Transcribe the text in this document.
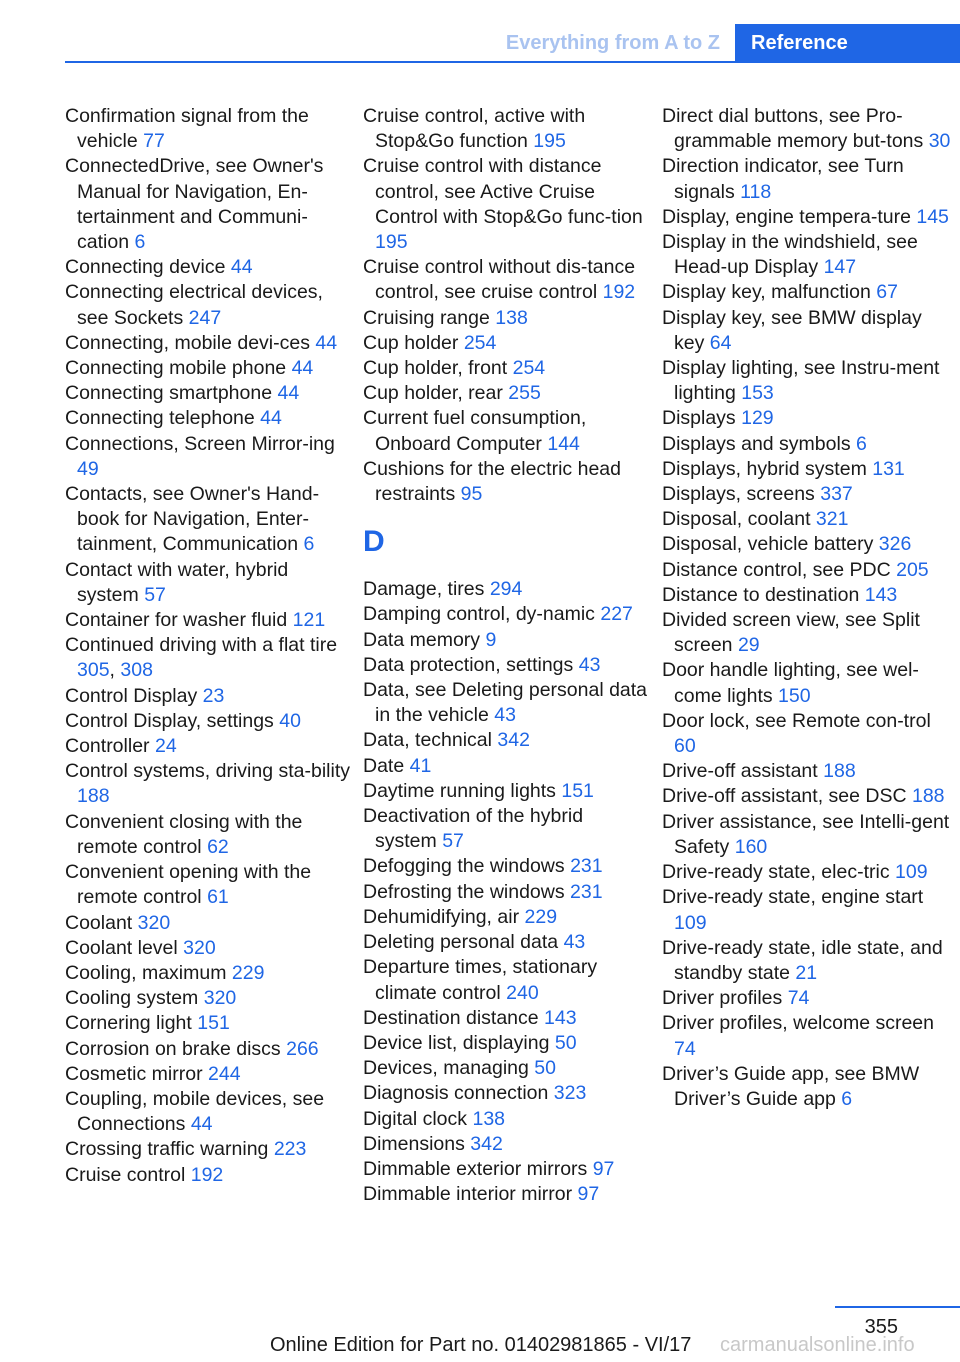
Everything from A to Z	Reference
Confirmation signal from the vehicle 77
ConnectedDrive, see Owner's Manual for Navigation, En-tertainment and Communi-cation 6
Connecting device 44
Connecting electrical devices, see Sockets 247
Connecting, mobile devi-ces 44
Connecting mobile phone 44
Connecting smartphone 44
Connecting telephone 44
Connections, Screen Mirror-ing 49
Contacts, see Owner's Hand-book for Navigation, Enter-tainment, Communication 6
Contact with water, hybrid system 57
Container for washer fluid 121
Continued driving with a flat tire 305, 308
Control Display 23
Control Display, settings 40
Controller 24
Control systems, driving sta-bility 188
Convenient closing with the remote control 62
Convenient opening with the remote control 61
Coolant 320
Coolant level 320
Cooling, maximum 229
Cooling system 320
Cornering light 151
Corrosion on brake discs 266
Cosmetic mirror 244
Coupling, mobile devices, see Connections 44
Crossing traffic warning 223
Cruise control 192
Cruise control, active with Stop&Go function 195
Cruise control with distance control, see Active Cruise Control with Stop&Go func-tion 195
Cruise control without dis-tance control, see cruise control 192
Cruising range 138
Cup holder 254
Cup holder, front 254
Cup holder, rear 255
Current fuel consumption, Onboard Computer 144
Cushions for the electric head restraints 95
D
Damage, tires 294
Damping control, dy-namic 227
Data memory 9
Data protection, settings 43
Data, see Deleting personal data in the vehicle 43
Data, technical 342
Date 41
Daytime running lights 151
Deactivation of the hybrid system 57
Defogging the windows 231
Defrosting the windows 231
Dehumidifying, air 229
Deleting personal data 43
Departure times, stationary climate control 240
Destination distance 143
Device list, displaying 50
Devices, managing 50
Diagnosis connection 323
Digital clock 138
Dimensions 342
Dimmable exterior mirrors 97
Dimmable interior mirror 97
Direct dial buttons, see Pro-grammable memory but-tons 30
Direction indicator, see Turn signals 118
Display, engine tempera-ture 145
Display in the windshield, see Head-up Display 147
Display key, malfunction 67
Display key, see BMW display key 64
Display lighting, see Instru-ment lighting 153
Displays 129
Displays and symbols 6
Displays, hybrid system 131
Displays, screens 337
Disposal, coolant 321
Disposal, vehicle battery 326
Distance control, see PDC 205
Distance to destination 143
Divided screen view, see Split screen 29
Door handle lighting, see wel-come lights 150
Door lock, see Remote con-trol 60
Drive-off assistant 188
Drive-off assistant, see DSC 188
Driver assistance, see Intelli-gent Safety 160
Drive-ready state, elec-tric 109
Drive-ready state, engine start 109
Drive-ready state, idle state, and standby state 21
Driver profiles 74
Driver profiles, welcome screen 74
Driver’s Guide app, see BMW Driver’s Guide app 6
355
Online Edition for Part no. 01402981865 - VI/17 carmanualsonline.info
